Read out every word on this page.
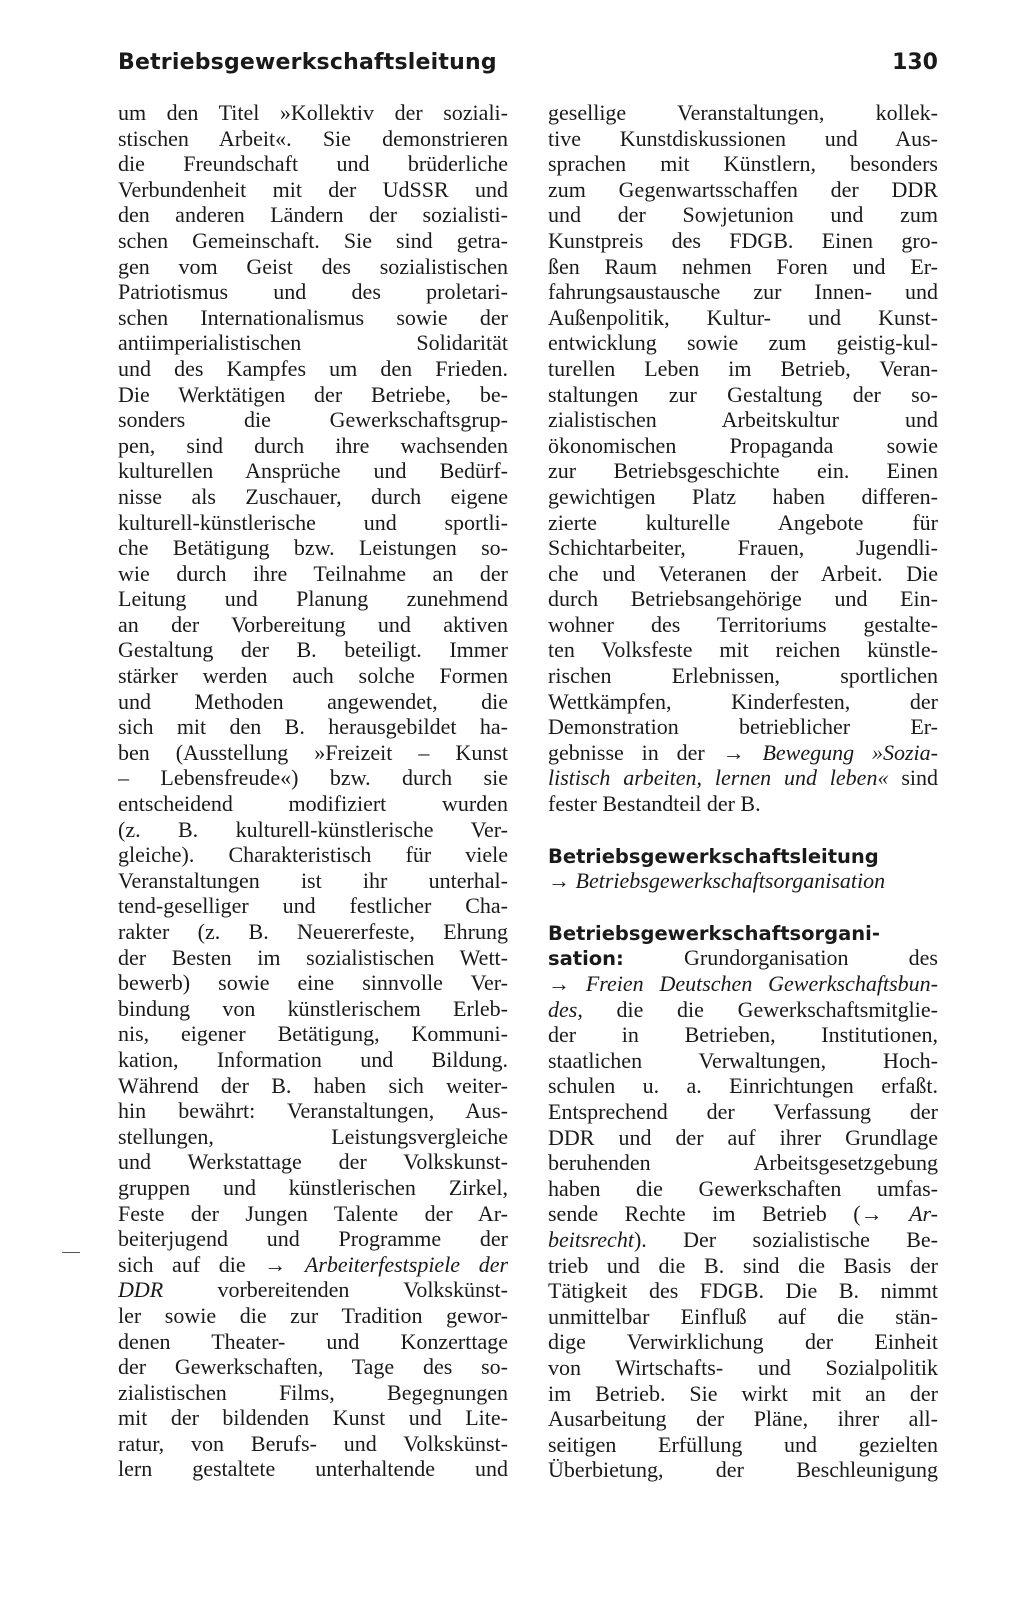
Betriebsgewerkschaftsleitung	130
um den Titel »Kollektiv der soziali-
stischen Arbeit«. Sie demonstrieren
die Freundschaft und brüderliche
Verbundenheit mit der UdSSR und
den anderen Ländern der sozialisti-
schen Gemeinschaft. Sie sind getra-
gen vom Geist des sozialistischen
Patriotismus und des proletari-
schen Internationalismus sowie der
antiimperialistischen Solidarität
und des Kampfes um den Frieden.
Die Werktätigen der Betriebe, be-
sonders die Gewerkschaftsgrup-
pen, sind durch ihre wachsenden
kulturellen Ansprüche und Bedürf-
nisse als Zuschauer, durch eigene
kulturell-künstlerische und sportli-
che Betätigung bzw. Leistungen so-
wie durch ihre Teilnahme an der
Leitung und Planung zunehmend
an der Vorbereitung und aktiven
Gestaltung der B. beteiligt. Immer
stärker werden auch solche Formen
und Methoden angewendet, die
sich mit den B. herausgebildet ha-
ben (Ausstellung »Freizeit – Kunst
– Lebensfreude«) bzw. durch sie
entscheidend modifiziert wurden
(z. B. kulturell-künstlerische Ver-
gleiche). Charakteristisch für viele
Veranstaltungen ist ihr unterhal-
tend-geselliger und festlicher Cha-
rakter (z. B. Neuererfeste, Ehrung
der Besten im sozialistischen Wett-
bewerb) sowie eine sinnvolle Ver-
bindung von künstlerischem Erleb-
nis, eigener Betätigung, Kommuni-
kation, Information und Bildung.
Während der B. haben sich weiter-
hin bewährt: Veranstaltungen, Aus-
stellungen, Leistungsvergleiche
und Werkstattage der Volkskunst-
gruppen und künstlerischen Zirkel,
Feste der Jungen Talente der Ar-
beiterjugend und Programme der
sich auf die → Arbeiterfestspiele der
DDR vorbereitenden Volkskünst-
ler sowie die zur Tradition gewor-
denen Theater- und Konzerttage
der Gewerkschaften, Tage des so-
zialistischen Films, Begegnungen
mit der bildenden Kunst und Lite-
ratur, von Berufs- und Volkskünst-
lern gestaltete unterhaltende und
gesellige Veranstaltungen, kollek-
tive Kunstdiskussionen und Aus-
sprachen mit Künstlern, besonders
zum Gegenwartsschaffen der DDR
und der Sowjetunion und zum
Kunstpreis des FDGB. Einen gro-
ßen Raum nehmen Foren und Er-
fahrungsaustausche zur Innen- und
Außenpolitik, Kultur- und Kunst-
entwicklung sowie zum geistig-kul-
turellen Leben im Betrieb, Veran-
staltungen zur Gestaltung der so-
zialistischen Arbeitskultur und
ökonomischen Propaganda sowie
zur Betriebsgeschichte ein. Einen
gewichtigen Platz haben differen-
zierte kulturelle Angebote für
Schichtarbeiter, Frauen, Jugendli-
che und Veteranen der Arbeit. Die
durch Betriebsangehörige und Ein-
wohner des Territoriums gestalte-
ten Volksfeste mit reichen künstle-
rischen Erlebnissen, sportlichen
Wettkämpfen, Kinderfesten, der
Demonstration betrieblicher Er-
gebnisse in der → Bewegung »Sozia-
listisch arbeiten, lernen und leben« sind
fester Bestandteil der B.
Betriebsgewerkschaftsleitung
→ Betriebsgewerkschaftsorganisation
Betriebsgewerkschaftsorgani-
sation: Grundorganisation des
→ Freien Deutschen Gewerkschaftsbun-
des, die die Gewerkschaftsmitglie-
der in Betrieben, Institutionen,
staatlichen Verwaltungen, Hoch-
schulen u. a. Einrichtungen erfaßt.
Entsprechend der Verfassung der
DDR und der auf ihrer Grundlage
beruhenden Arbeitsgesetzgebung
haben die Gewerkschaften umfas-
sende Rechte im Betrieb (→ Ar-
beitsrecht). Der sozialistische Be-
trieb und die B. sind die Basis der
Tätigkeit des FDGB. Die B. nimmt
unmittelbar Einfluß auf die stän-
dige Verwirklichung der Einheit
von Wirtschafts- und Sozialpolitik
im Betrieb. Sie wirkt mit an der
Ausarbeitung der Pläne, ihrer all-
seitigen Erfüllung und gezielten
Überbietung, der Beschleunigung
